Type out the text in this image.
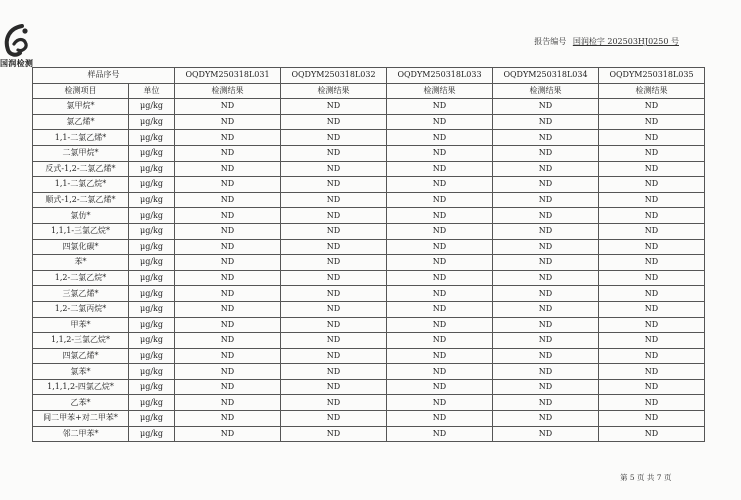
国润检测
报告编号 国润检字 202503HJ0250 号
样品序号		OQDYM250318L031	OQDYM250318L032	OQDYM250318L033	OQDYM250318L034	OQDYM250318L035
检测项目	单位	检测结果	检测结果	检测结果	检测结果	检测结果
氯甲烷*	μg/kg	ND	ND	ND	ND	ND
氯乙烯*	μg/kg	ND	ND	ND	ND	ND
1,1-二氯乙烯*	μg/kg	ND	ND	ND	ND	ND
二氯甲烷*	μg/kg	ND	ND	ND	ND	ND
反式-1,2-二氯乙烯*	μg/kg	ND	ND	ND	ND	ND
1,1-二氯乙烷*	μg/kg	ND	ND	ND	ND	ND
顺式-1,2-二氯乙烯*	μg/kg	ND	ND	ND	ND	ND
氯仿*	μg/kg	ND	ND	ND	ND	ND
1,1,1-三氯乙烷*	μg/kg	ND	ND	ND	ND	ND
四氯化碳*	μg/kg	ND	ND	ND	ND	ND
苯*	μg/kg	ND	ND	ND	ND	ND
1,2-二氯乙烷*	μg/kg	ND	ND	ND	ND	ND
三氯乙烯*	μg/kg	ND	ND	ND	ND	ND
1,2-二氯丙烷*	μg/kg	ND	ND	ND	ND	ND
甲苯*	μg/kg	ND	ND	ND	ND	ND
1,1,2-三氯乙烷*	μg/kg	ND	ND	ND	ND	ND
四氯乙烯*	μg/kg	ND	ND	ND	ND	ND
氯苯*	μg/kg	ND	ND	ND	ND	ND
1,1,1,2-四氯乙烷*	μg/kg	ND	ND	ND	ND	ND
乙苯*	μg/kg	ND	ND	ND	ND	ND
间二甲苯+对二甲苯*	μg/kg	ND	ND	ND	ND	ND
邻二甲苯*	μg/kg	ND	ND	ND	ND	ND
第 5 页 共 7 页
